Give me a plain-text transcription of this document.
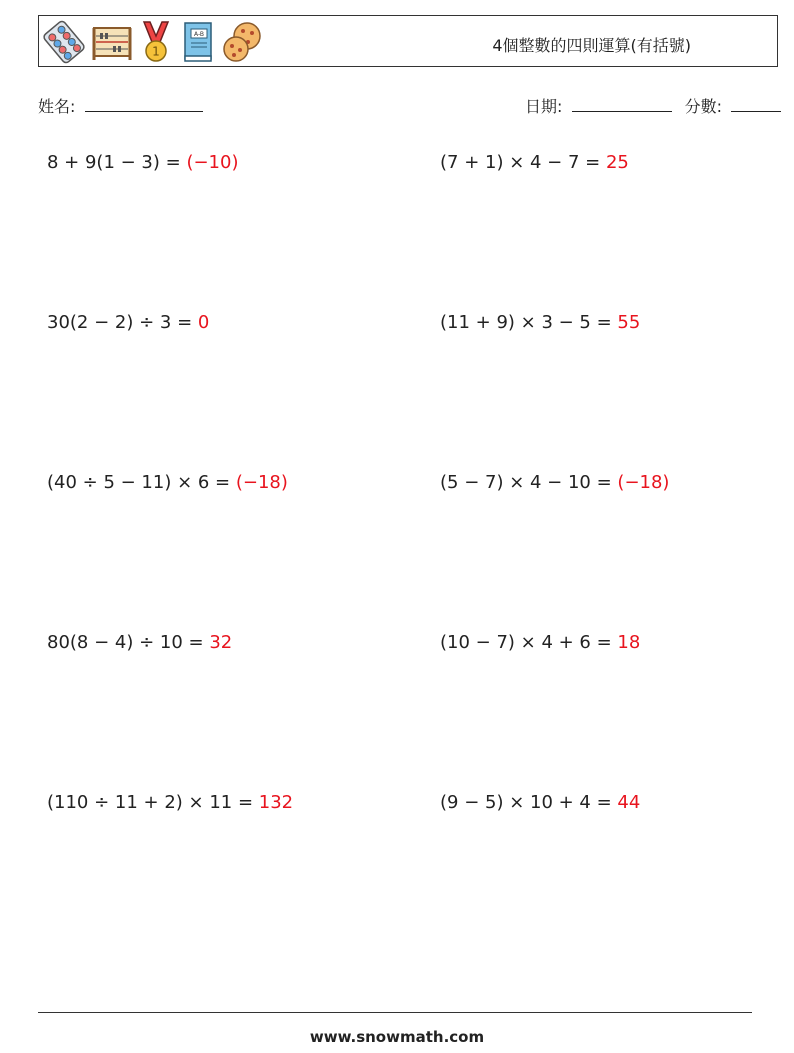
1
A-B
4個整數的四則運算(有括號)
姓名:	日期:	分數:
8 + 9(1 − 3) = (−10)	(7 + 1) × 4 − 7 = 25
30(2 − 2) ÷ 3 = 0	(11 + 9) × 3 − 5 = 55
(40 ÷ 5 − 11) × 6 = (−18)	(5 − 7) × 4 − 10 = (−18)
80(8 − 4) ÷ 10 = 32	(10 − 7) × 4 + 6 = 18
(110 ÷ 11 + 2) × 11 = 132	(9 − 5) × 10 + 4 = 44
www.snowmath.com
